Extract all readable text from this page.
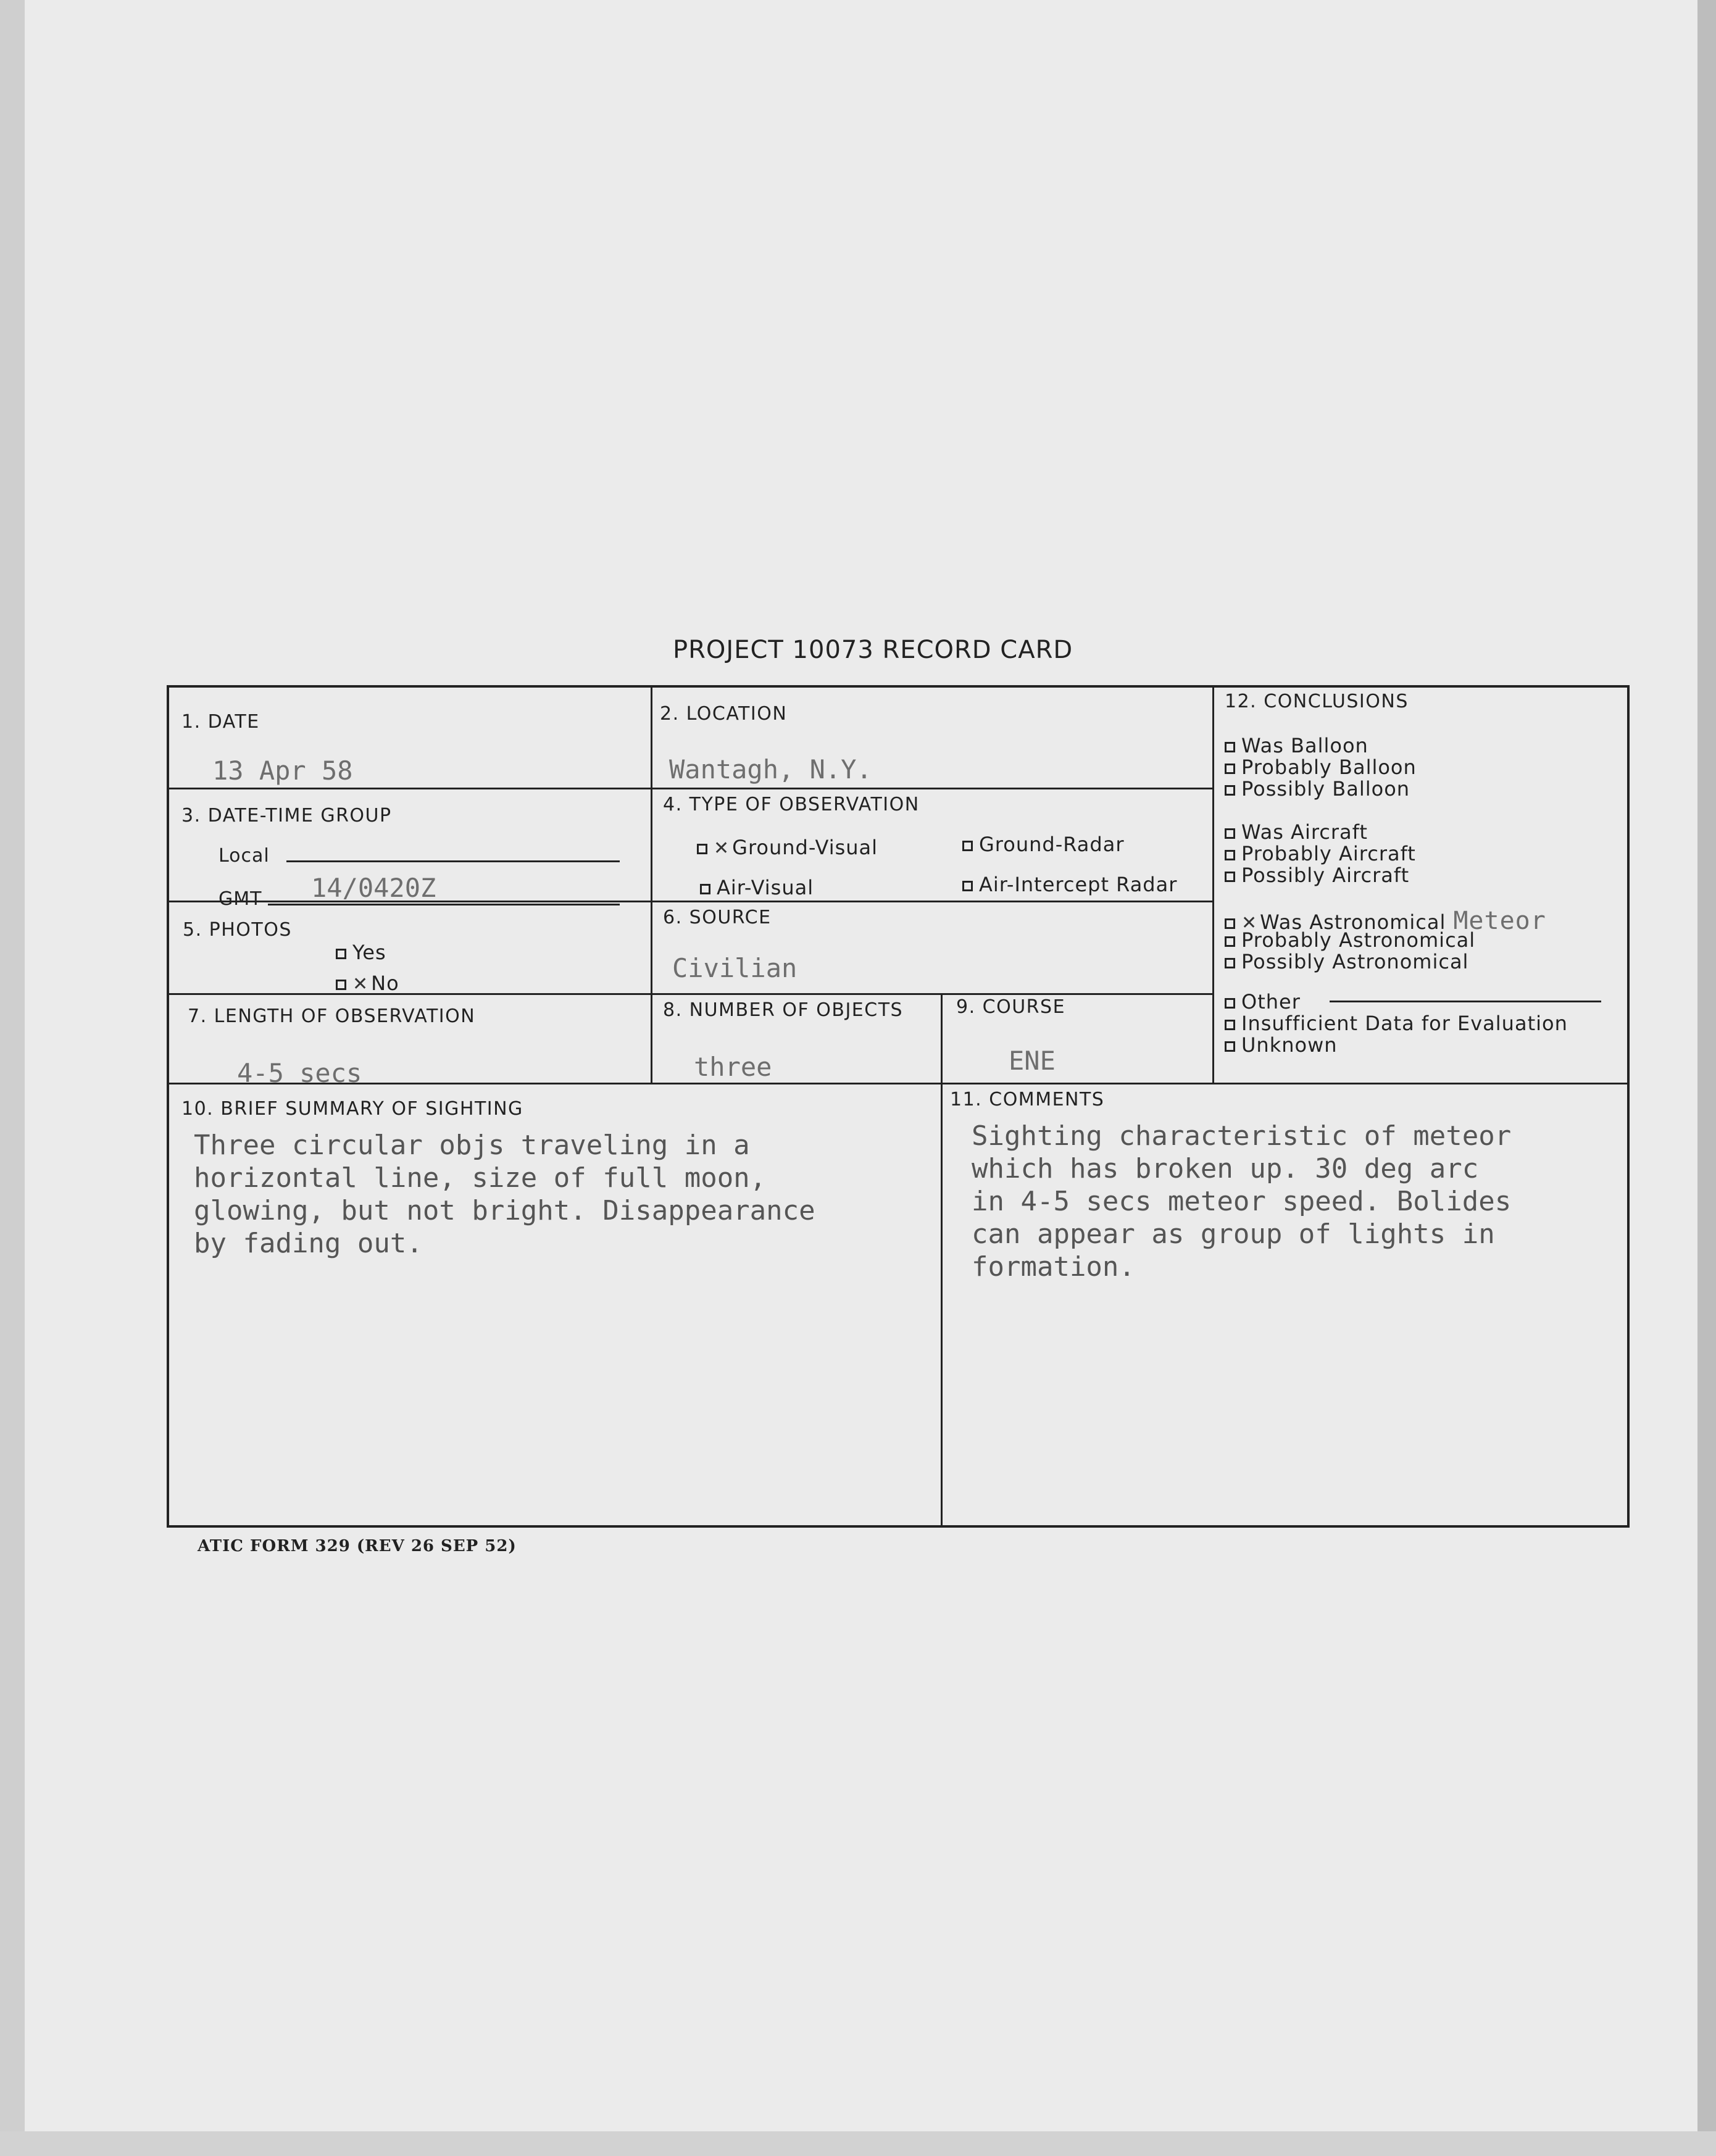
PROJECT 10073 RECORD CARD
1. DATE
13 Apr 58
2. LOCATION
Wantagh, N.Y.
3. DATE-TIME GROUP
Local
GMT 14/0420Z
4. TYPE OF OBSERVATION
✕ Ground-Visual	Ground-Radar
Air-Visual	Air-Intercept Radar
5. PHOTOS
Yes
✕ No
6. SOURCE
Civilian
7. LENGTH OF OBSERVATION
4-5 secs
8. NUMBER OF OBJECTS
three
9. COURSE
ENE
10. BRIEF SUMMARY OF SIGHTING
Three circular objs traveling in a
horizontal line, size of full moon,
glowing, but not bright. Disappearance
by fading out.
11. COMMENTS
Sighting characteristic of meteor
which has broken up. 30 deg arc
in 4-5 secs meteor speed. Bolides
can appear as group of lights in
formation.
12. CONCLUSIONS
Was Balloon
Probably Balloon
Possibly Balloon
Was Aircraft
Probably Aircraft
Possibly Aircraft
✕ Was Astronomical Meteor
Probably Astronomical
Possibly Astronomical
Other
Insufficient Data for Evaluation
Unknown
ATIC FORM 329 (REV 26 SEP 52)
